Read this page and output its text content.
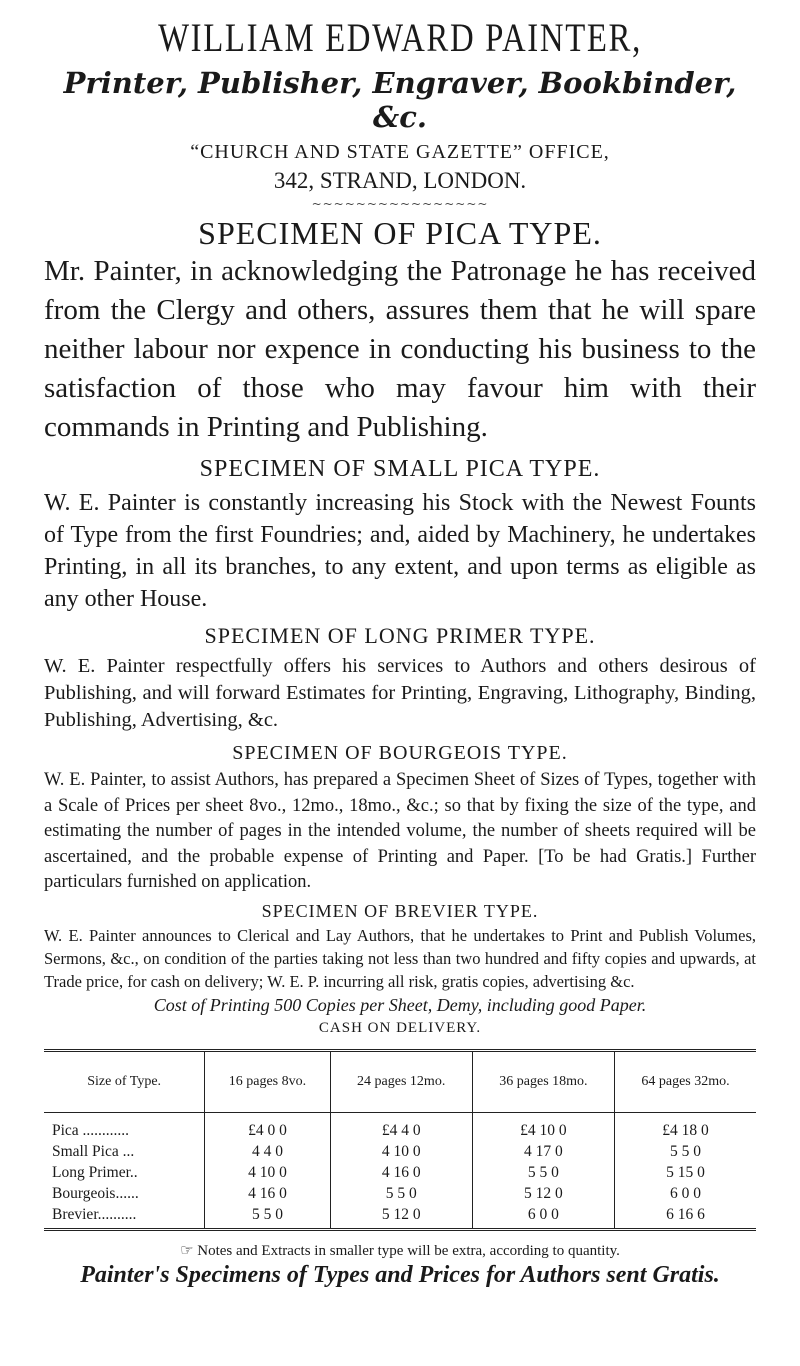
WILLIAM EDWARD PAINTER,
Printer, Publisher, Engraver, Bookbinder, &c.
“CHURCH AND STATE GAZETTE” OFFICE,
342, STRAND, LONDON.
~~~~~~~~~~~~~~~~
SPECIMEN OF PICA TYPE.

Mr. Painter, in acknowledging the Patronage he has received from the Clergy and others, assures them that he will spare neither labour nor expence in conducting his business to the satisfaction of those who may favour him with their commands in Printing and Publishing.

SPECIMEN OF SMALL PICA TYPE.

W. E. Painter is constantly increasing his Stock with the Newest Founts of Type from the first Foundries; and, aided by Machinery, he undertakes Printing, in all its branches, to any extent, and upon terms as eligible as any other House.

SPECIMEN OF LONG PRIMER TYPE.

W. E. Painter respectfully offers his services to Authors and others desirous of Publishing, and will forward Estimates for Printing, Engraving, Lithography, Binding, Publishing, Advertising, &c.

SPECIMEN OF BOURGEOIS TYPE.

W. E. Painter, to assist Authors, has prepared a Specimen Sheet of Sizes of Types, together with a Scale of Prices per sheet 8vo., 12mo., 18mo., &c.; so that by fixing the size of the type, and estimating the number of pages in the intended volume, the number of sheets required will be ascertained, and the probable expense of Printing and Paper. [To be had Gratis.] Further particulars furnished on application.

SPECIMEN OF BREVIER TYPE.

W. E. Painter announces to Clerical and Lay Authors, that he undertakes to Print and Publish Volumes, Sermons, &c., on condition of the parties taking not less than two hundred and fifty copies and upwards, at Trade price, for cash on delivery; W. E. P. incurring all risk, gratis copies, advertising &c.

Cost of Printing 500 Copies per Sheet, Demy, including good Paper.
CASH ON DELIVERY.
Size of Type.	16 pages 8vo.	24 pages 12mo.	36 pages 18mo.	64 pages 32mo.
Pica ............	£4 0 0	£4 4 0	£4 10 0	£4 18 0
Small Pica ...	4 4 0	4 10 0	4 17 0	5 5 0
Long Primer..	4 10 0	4 16 0	5 5 0	5 15 0
Bourgeois......	4 16 0	5 5 0	5 12 0	6 0 0
Brevier..........	5 5 0	5 12 0	6 0 0	6 16 6
☞ Notes and Extracts in smaller type will be extra, according to quantity.
Painter's Specimens of Types and Prices for Authors sent Gratis.
